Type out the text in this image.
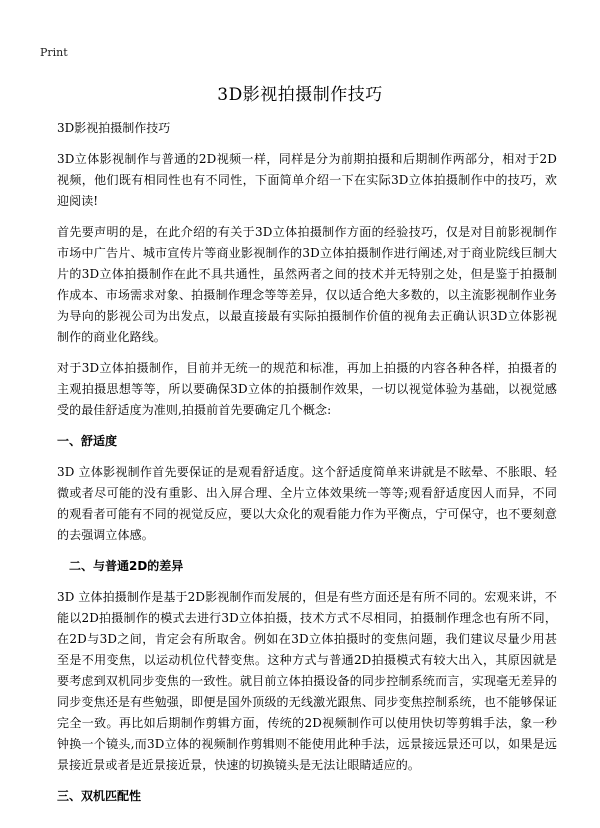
Print
3D影视拍摄制作技巧

3D影视拍摄制作技巧

3D立体影视制作与普通的2D视频一样，同样是分为前期拍摄和后期制作两部分，相对于2D视频，他们既有相同性也有不同性，下面简单介绍一下在实际3D立体拍摄制作中的技巧，欢迎阅读!

首先要声明的是，在此介绍的有关于3D立体拍摄制作方面的经验技巧，仅是对目前影视制作市场中广告片、城市宣传片等商业影视制作的3D立体拍摄制作进行阐述,对于商业院线巨制大片的3D立体拍摄制作在此不具共通性，虽然两者之间的技术并无特别之处，但是鉴于拍摄制作成本、市场需求对象、拍摄制作理念等等差异，仅以适合绝大多数的，以主流影视制作业务为导向的影视公司为出发点，以最直接最有实际拍摄制作价值的视角去正确认识3D立体影视制作的商业化路线。

对于3D立体拍摄制作，目前并无统一的规范和标准，再加上拍摄的内容各种各样，拍摄者的主观拍摄思想等等，所以要确保3D立体的拍摄制作效果，一切以视觉体验为基础，以视觉感受的最佳舒适度为准则,拍摄前首先要确定几个概念:

一、舒适度

3D 立体影视制作首先要保证的是观看舒适度。这个舒适度简单来讲就是不眩晕、不胀眼、轻微或者尽可能的没有重影、出入屏合理、全片立体效果统一等等;观看舒适度因人而异，不同的观看者可能有不同的视觉反应，要以大众化的观看能力作为平衡点，宁可保守，也不要刻意的去强调立体感。

二、与普通2D的差异

3D 立体拍摄制作是基于2D影视制作而发展的，但是有些方面还是有所不同的。宏观来讲，不能以2D拍摄制作的模式去进行3D立体拍摄，技术方式不尽相同，拍摄制作理念也有所不同，在2D与3D之间，肯定会有所取舍。例如在3D立体拍摄时的变焦问题，我们建议尽量少用甚至是不用变焦，以运动机位代替变焦。这种方式与普通2D拍摄模式有较大出入，其原因就是要考虑到双机同步变焦的一致性。就目前立体拍摄设备的同步控制系统而言，实现毫无差异的同步变焦还是有些勉强，即便是国外顶级的无线激光跟焦、同步变焦控制系统，也不能够保证完全一致。再比如后期制作剪辑方面，传统的2D视频制作可以使用快切等剪辑手法，象一秒钟换一个镜头,而3D立体的视频制作剪辑则不能使用此种手法，远景接远景还可以，如果是远景接近景或者是近景接近景，快速的切换镜头是无法让眼睛适应的。

三、双机匹配性
